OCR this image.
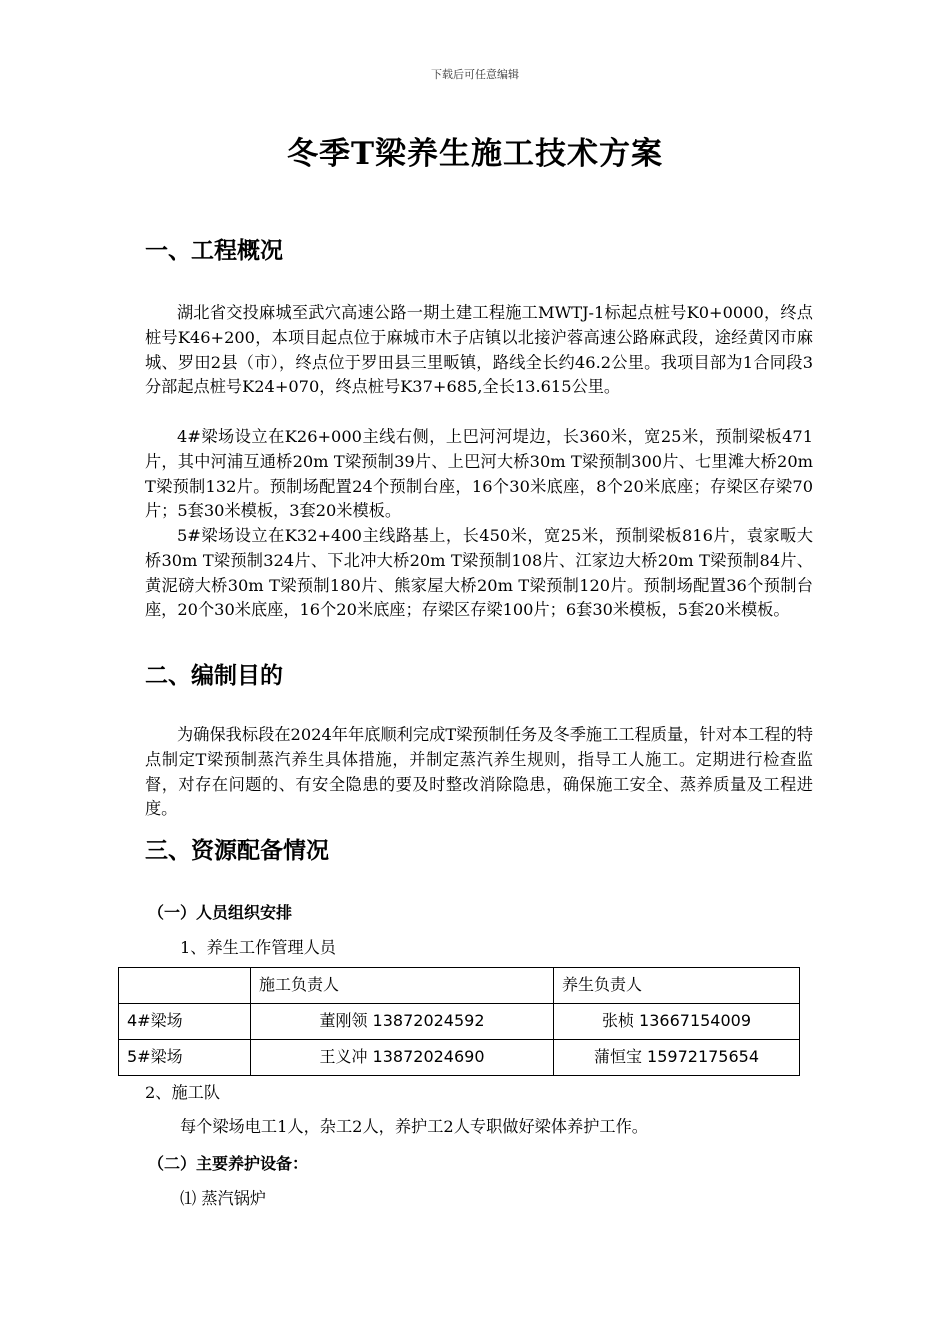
下载后可任意编辑
冬季T梁养生施工技术方案
一、工程概况

湖北省交投麻城至武穴高速公路一期土建工程施工MWTJ-1标起点桩号K0+0000，终点桩号K46+200，本项目起点位于麻城市木子店镇以北接沪蓉高速公路麻武段，途经黄冈市麻城、罗田2县（市），终点位于罗田县三里畈镇，路线全长约46.2公里。我项目部为1合同段3分部起点桩号K24+070，终点桩号K37+685,全长13.615公里。

4#梁场设立在K26+000主线右侧，上巴河河堤边，长360米，宽25米，预制梁板471片，其中河浦互通桥20m T梁预制39片、上巴河大桥30m T梁预制300片、七里滩大桥20m T梁预制132片。预制场配置24个预制台座，16个30米底座，8个20米底座；存梁区存梁70片；5套30米模板，3套20米模板。

5#梁场设立在K32+400主线路基上，长450米，宽25米，预制梁板816片，袁家畈大桥30m T梁预制324片、下北冲大桥20m T梁预制108片、江家边大桥20m T梁预制84片、黄泥磅大桥30m T梁预制180片、熊家屋大桥20m T梁预制120片。预制场配置36个预制台座，20个30米底座，16个20米底座；存梁区存梁100片；6套30米模板，5套20米模板。

二、编制目的

为确保我标段在2024年年底顺利完成T梁预制任务及冬季施工工程质量，针对本工程的特点制定T梁预制蒸汽养生具体措施，并制定蒸汽养生规则，指导工人施工。定期进行检查监督，对存在问题的、有安全隐患的要及时整改消除隐患，确保施工安全、蒸养质量及工程进度。

三、资源配备情况
（一）人员组织安排
1、养生工作管理人员
	施工负责人	养生负责人
4#梁场	董刚领 13872024592	张桢 13667154009
5#梁场	王义冲 13872024690	蒲恒宝 15972175654
2、施工队
每个梁场电工1人，杂工2人，养护工2人专职做好梁体养护工作。
（二）主要养护设备：
⑴ 蒸汽锅炉
